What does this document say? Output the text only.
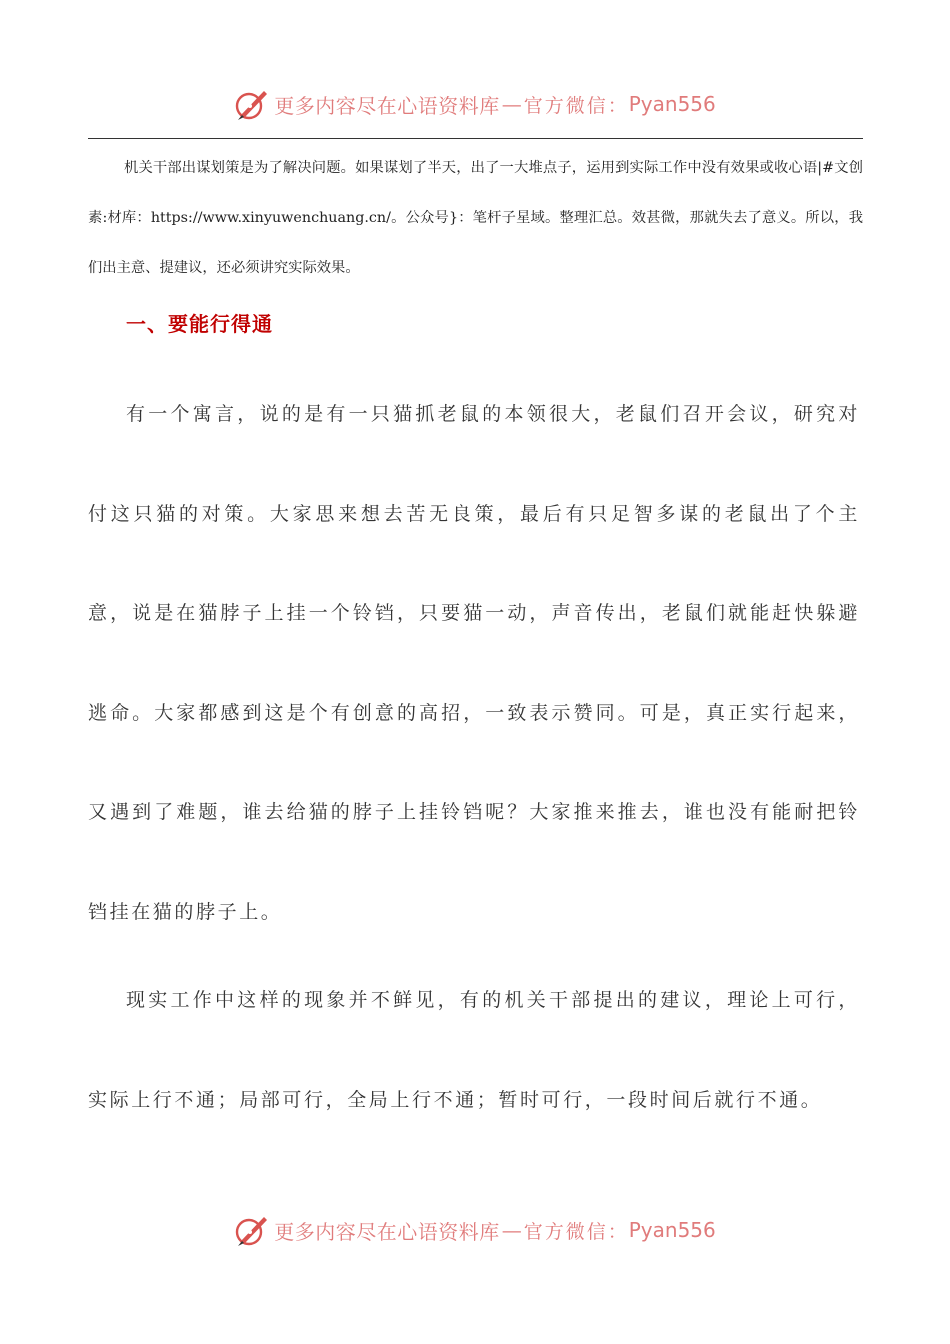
更多内容尽在心语资料库 — 官方微信： Pyan556

机关干部出谋划策是为了解决问题。如果谋划了半天，出了一大堆点子，运用到实际工作中没有效果或收心语|#文创素:材库：https://www.xinyuwenchuang.cn/。公众号}：笔杆子星域。整理汇总。效甚微，那就失去了意义。所以，我们出主意、提建议，还必须讲究实际效果。

一、要能行得通

有一个寓言，说的是有一只猫抓老鼠的本领很大，老鼠们召开会议，研究对付这只猫的对策。大家思来想去苦无良策，最后有只足智多谋的老鼠出了个主意，说是在猫脖子上挂一个铃铛，只要猫一动，声音传出，老鼠们就能赶快躲避逃命。大家都感到这是个有创意的高招，一致表示赞同。可是，真正实行起来，又遇到了难题，谁去给猫的脖子上挂铃铛呢？大家推来推去，谁也没有能耐把铃铛挂在猫的脖子上。

现实工作中这样的现象并不鲜见，有的机关干部提出的建议，理论上可行，实际上行不通；局部可行，全局上行不通；暂时可行，一段时间后就行不通。

更多内容尽在心语资料库 — 官方微信： Pyan556
